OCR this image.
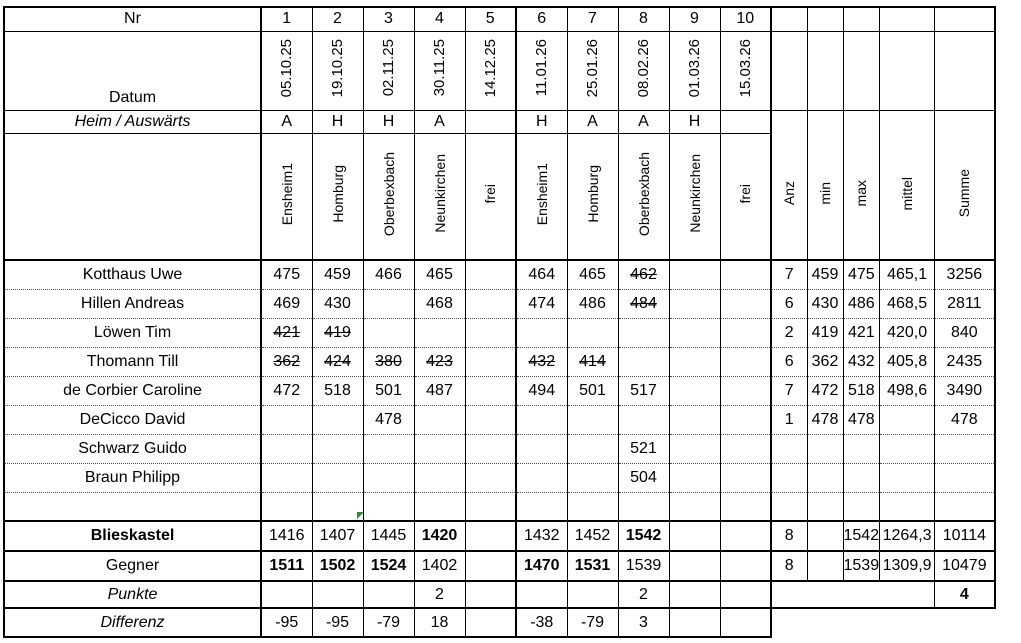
Nr	1	2	3	4	5	6	7	8	9	10					
Datum	05.10.25	19.10.25	02.11.25	30.11.25	14.12.25	11.01.26	25.01.26	08.02.26	01.03.26	15.03.26					
Heim / Auswärts	A	H	H	A		H	A	A	H						
	Ensheim1	Homburg	Oberbexbach	Neunkirchen	frei	Ensheim1	Homburg	Oberbexbach	Neunkirchen	frei	Anz	min	max	mittel	Summe
Kotthaus Uwe	475	459	466	465		464	465	462			7	459	475	465,1	3256
Hillen Andreas	469	430		468		474	486	484			6	430	486	468,5	2811
Löwen Tim	421	419									2	419	421	420,0	840
Thomann Till	362	424	380	423		432	414				6	362	432	405,8	2435
de Corbier Caroline	472	518	501	487		494	501	517			7	472	518	498,6	3490
DeCicco David			478								1	478	478		478
Schwarz Guido								521							
Braun Philipp								504							

Blieskastel	1416	1407	1445	1420		1432	1452	1542			8		1542	1264,3	10114
Gegner	1511	1502	1524	1402		1470	1531	1539			8		1539	1309,9	10479
Punkte				2				2							4
Differenz	-95	-95	-79	18		-38	-79	3							
